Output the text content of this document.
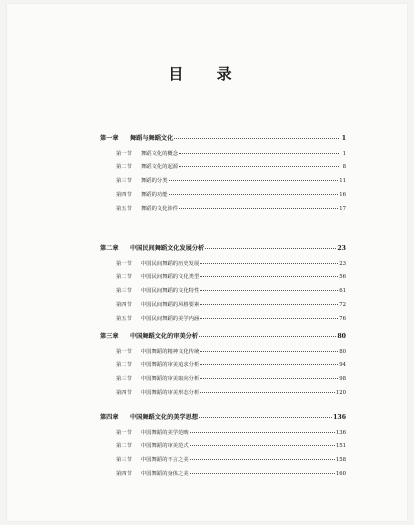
目 录
第一章	舞蹈与舞蹈文化	1
第一节	舞蹈文化的概念	1
第二节	舞蹈文化的起源	8
第三节	舞蹈的分类	11
第四节	舞蹈的功能	16
第五节	舞蹈的文化涉件	17
第二章	中国民间舞蹈文化发展分析	23
第一节	中国民间舞蹈的历史发展	23
第二节	中国民间舞蹈的文化类型	56
第三节	中国民间舞蹈的文化特性	61
第四节	中国民间舞蹈的风格要素	72
第五节	中国民间舞蹈的美学内涵	76
第三章	中国舞蹈文化的审美分析	80
第一节	中国舞蹈的精神文化传统	80
第二节	中国舞蹈的审美追求分析	94
第三节	中国舞蹈的审美取向分析	98
第四节	中国舞蹈的审美形态分析	120
第四章	中国舞蹈文化的美学思想	136
第一节	中国舞蹈的美学范畴	136
第二节	中国舞蹈的审美范式	151
第三节	中国舞蹈的不言之美	158
第四节	中国舞蹈的身体之美	160
